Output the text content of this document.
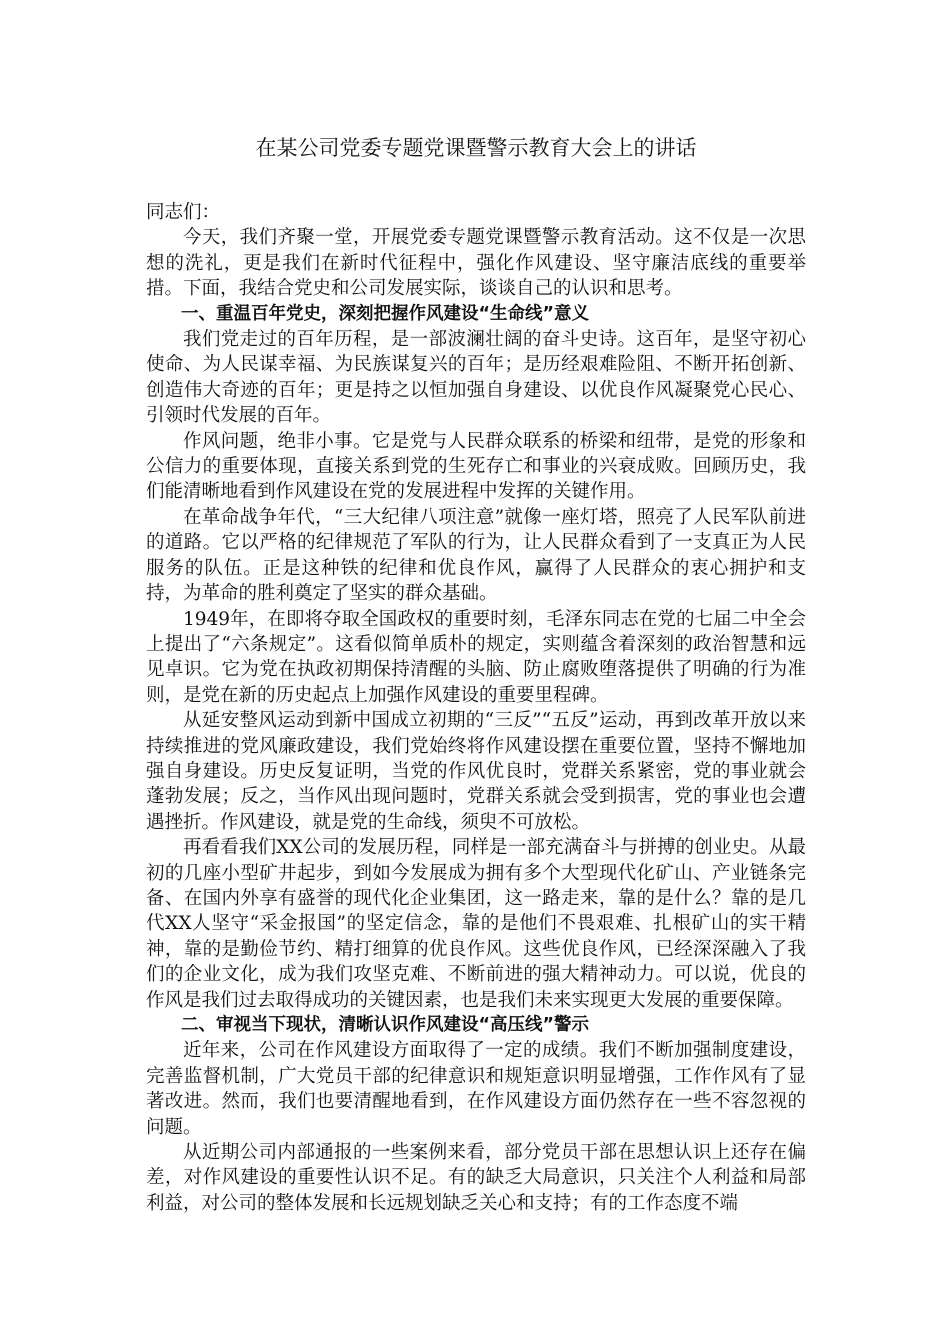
在某公司党委专题党课暨警示教育大会上的讲话

同志们：

今天，我们齐聚一堂，开展党委专题党课暨警示教育活动。这不仅是一次思想的洗礼，更是我们在新时代征程中，强化作风建设、坚守廉洁底线的重要举措。下面，我结合党史和公司发展实际，谈谈自己的认识和思考。

一、重温百年党史，深刻把握作风建设“生命线”意义

我们党走过的百年历程，是一部波澜壮阔的奋斗史诗。这百年，是坚守初心使命、为人民谋幸福、为民族谋复兴的百年；是历经艰难险阻、不断开拓创新、创造伟大奇迹的百年；更是持之以恒加强自身建设、以优良作风凝聚党心民心、引领时代发展的百年。

作风问题，绝非小事。它是党与人民群众联系的桥梁和纽带，是党的形象和公信力的重要体现，直接关系到党的生死存亡和事业的兴衰成败。回顾历史，我们能清晰地看到作风建设在党的发展进程中发挥的关键作用。

在革命战争年代，“三大纪律八项注意”就像一座灯塔，照亮了人民军队前进的道路。它以严格的纪律规范了军队的行为，让人民群众看到了一支真正为人民服务的队伍。正是这种铁的纪律和优良作风，赢得了人民群众的衷心拥护和支持，为革命的胜利奠定了坚实的群众基础。

1949年，在即将夺取全国政权的重要时刻，毛泽东同志在党的七届二中全会上提出了“六条规定”。这看似简单质朴的规定，实则蕴含着深刻的政治智慧和远见卓识。它为党在执政初期保持清醒的头脑、防止腐败堕落提供了明确的行为准则，是党在新的历史起点上加强作风建设的重要里程碑。

从延安整风运动到新中国成立初期的“三反”“五反”运动，再到改革开放以来持续推进的党风廉政建设，我们党始终将作风建设摆在重要位置，坚持不懈地加强自身建设。历史反复证明，当党的作风优良时，党群关系紧密，党的事业就会蓬勃发展；反之，当作风出现问题时，党群关系就会受到损害，党的事业也会遭遇挫折。作风建设，就是党的生命线，须臾不可放松。

再看看我们XX公司的发展历程，同样是一部充满奋斗与拼搏的创业史。从最初的几座小型矿井起步，到如今发展成为拥有多个大型现代化矿山、产业链条完备、在国内外享有盛誉的现代化企业集团，这一路走来，靠的是什么？靠的是几代XX人坚守“采金报国”的坚定信念，靠的是他们不畏艰难、扎根矿山的实干精神，靠的是勤俭节约、精打细算的优良作风。这些优良作风，已经深深融入了我们的企业文化，成为我们攻坚克难、不断前进的强大精神动力。可以说，优良的作风是我们过去取得成功的关键因素，也是我们未来实现更大发展的重要保障。

二、审视当下现状，清晰认识作风建设“高压线”警示

近年来，公司在作风建设方面取得了一定的成绩。我们不断加强制度建设，完善监督机制，广大党员干部的纪律意识和规矩意识明显增强，工作作风有了显著改进。然而，我们也要清醒地看到，在作风建设方面仍然存在一些不容忽视的问题。

从近期公司内部通报的一些案例来看，部分党员干部在思想认识上还存在偏差，对作风建设的重要性认识不足。有的缺乏大局意识，只关注个人利益和局部利益，对公司的整体发展和长远规划缺乏关心和支持；有的工作态度不端
